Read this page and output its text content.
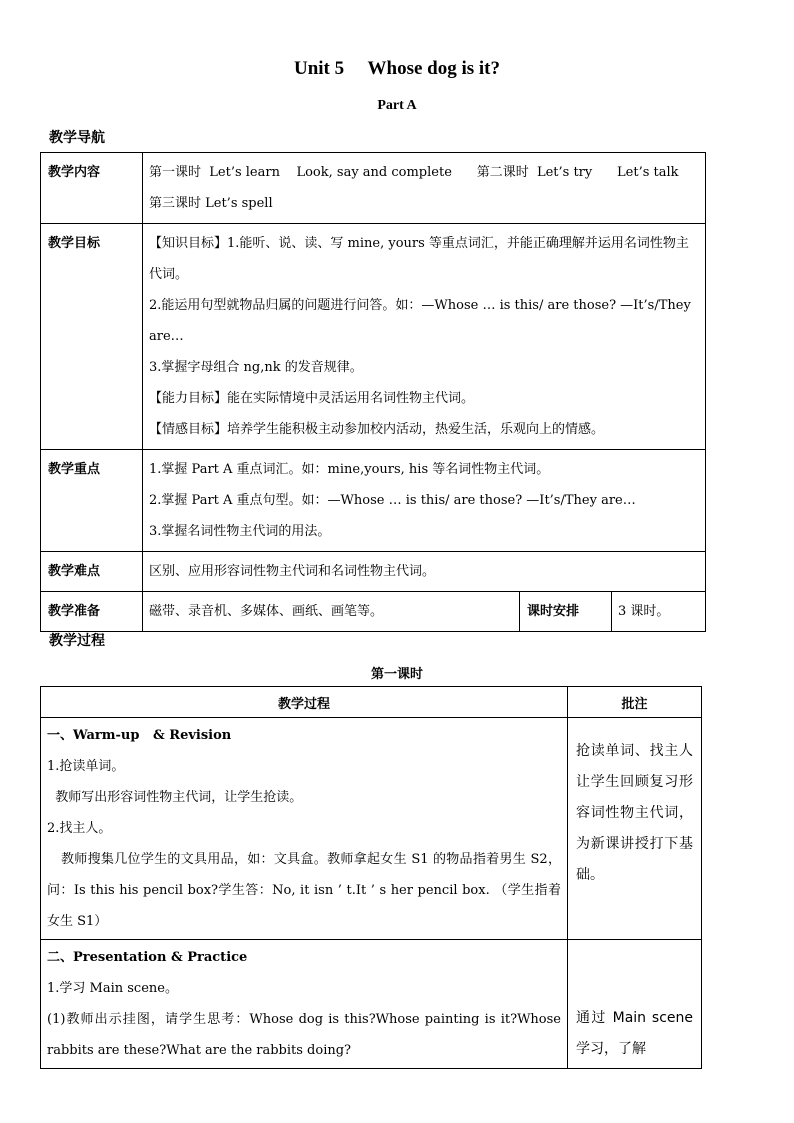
Unit 5     Whose dog is it?
Part A
教学导航
教学内容	第一课时  Let’s learn    Look, say and complete      第二课时  Let’s try      Let’s talk

第三课时 Let’s spell		

教学目标	【知识目标】1.能听、说、读、写 mine, yours 等重点词汇，并能正确理解并运用名词性物主代词。

2.能运用句型就物品归属的问题进行问答。如：—Whose … is this/ are those? —It’s/They are…

3.掌握字母组合 ng,nk 的发音规律。

【能力目标】能在实际情境中灵活运用名词性物主代词。

【情感目标】培养学生能积极主动参加校内活动，热爱生活，乐观向上的情感。		

教学重点	1.掌握 Part A 重点词汇。如：mine,yours, his 等名词性物主代词。

2.掌握 Part A 重点句型。如：—Whose … is this/ are those? —It’s/They are…

3.掌握名词性物主代词的用法。		

教学难点	区别、应用形容词性物主代词和名词性物主代词。		
教学准备	磁带、录音机、多媒体、画纸、画笔等。	课时安排	3 课时。
教学过程
第一课时
教学过程	批注

一、Warm-up   & Revision

1.抢读单词。

教师写出形容词性物主代词，让学生抢读。

2.找主人。

教师搜集几位学生的文具用品，如：文具盒。教师拿起女生 S1 的物品指着男生 S2，问：Is this his pencil box?学生答：No, it isn ’ t.It ’ s her pencil box. （学生指着女生 S1）	抢读单词、找主人让学生回顾复习形容词性物主代词，为新课讲授打下基础。

二、Presentation & Practice

1.学习 Main scene。

(1)教师出示挂图，请学生思考：Whose dog is this?Whose painting is it?Whose rabbits are these?What are the rabbits doing?	通过 Main scene 学习，了解
